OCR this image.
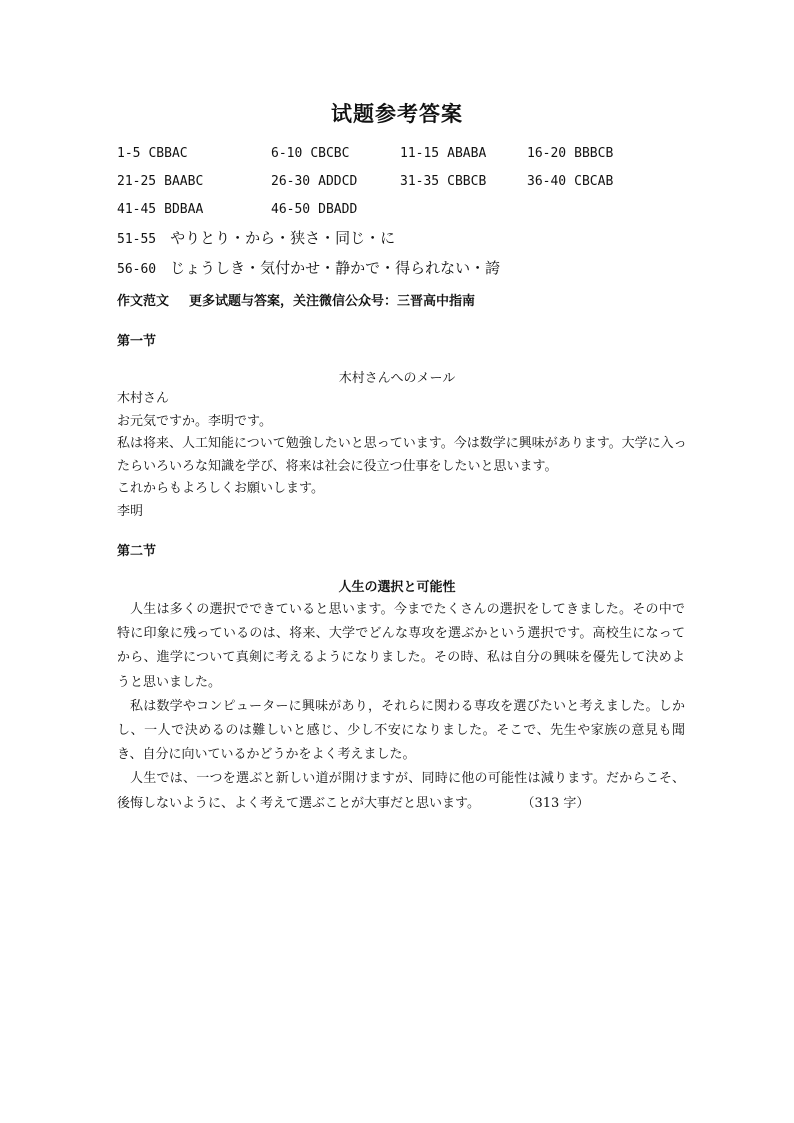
试题参考答案
1-5 CBBAC	6-10 CBCBC	11-15 ABABA	16-20 BBBCB
21-25 BAABC	26-30 ADDCD	31-35 CBBCB	36-40 CBCAB
41-45 BDBAA	46-50 DBADD
51-55 やりとり・から・狭さ・同じ・に
56-60 じょうしき・気付かせ・静かで・得られない・誇
作文范文 更多试题与答案，关注微信公众号：三晋高中指南
第一节
木村さんへのメール

木村さん

お元気ですか。李明です。

私は将来、人工知能について勉強したいと思っています。今は数学に興味があります。大学に入ったらいろいろな知識を学び、将来は社会に役立つ仕事をしたいと思います。

これからもよろしくお願いします。

李明

第二节
人生の選択と可能性

人生は多くの選択でできていると思います。今までたくさんの選択をしてきました。その中で特に印象に残っているのは、将来、大学でどんな専攻を選ぶかという選択です。高校生になってから、進学について真剣に考えるようになりました。その時、私は自分の興味を優先して決めようと思いました。

私は数学やコンピューターに興味があり，それらに関わる専攻を選びたいと考えました。しかし、一人で決めるのは難しいと感じ、少し不安になりました。そこで、先生や家族の意見も聞き、自分に向いているかどうかをよく考えました。

人生では、一つを選ぶと新しい道が開けますが、同時に他の可能性は減ります。だからこそ、後悔しないように、よく考えて選ぶことが大事だと思います。	（313 字）
